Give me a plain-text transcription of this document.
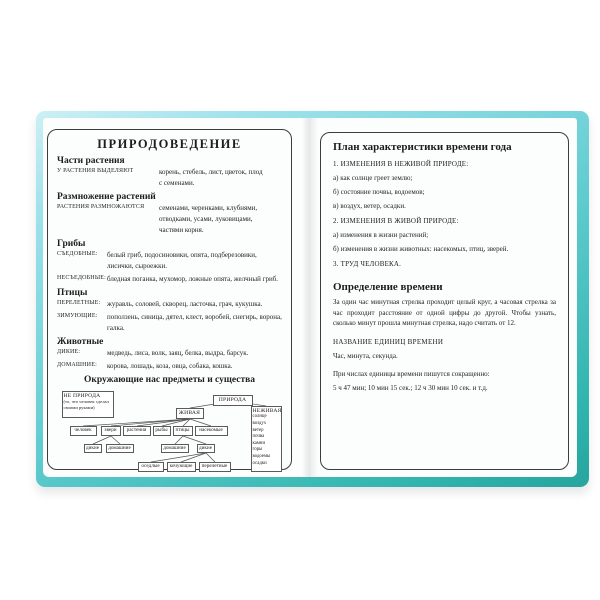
ПРИРОДОВЕДЕНИЕ
Части растения
У РАСТЕНИЯ ВЫДЕЛЯЮТ	корень, стебель, лист, цветок, плод с семенами.
Размножение растений
РАСТЕНИЯ РАЗМНОЖАЮТСЯ	семенами, черенками, клубнями, отводками, усами, луковицами, частями корня.
Грибы
СЪЕДОБНЫЕ:	белый гриб, подосиновики, опята, подберезовики, лисички, сыроежки.
НЕСЪЕДОБНЫЕ: бледная поганка, мухомор, ложные опята, желчный гриб.
Птицы
ПЕРЕЛЕТНЫЕ: журавль, соловей, скворец, ласточка, грач, кукушка.
ЗИМУЮЩИЕ:	поползень, синица, дятел, клест, воробей, снегирь, ворона, галка.
Животные
ДИКИЕ:	медведь, лиса, волк, заяц, белка, выдра, барсук.
ДОМАШНИЕ:	корова, лошадь, коза, овца, собака, кошка.
Окружающие нас предметы и существа
НЕ ПРИРОДА
(то, что человек сделал своими руками)
ПРИРОДА
ЖИВАЯ	НЕЖИВАЯ
солнце
воздух
ветер
почва
камни
горы
водоемы
осадки
человек звери растения рыбы птицы насекомые
дикие домашние	домашние	дикие
оседлые кочующие перелетные
План характеристики времени года
1. ИЗМЕНЕНИЯ В НЕЖИВОЙ ПРИРОДЕ:
а) как солнце греет землю;
б) состояние почвы, водоемов;
в) воздух, ветер, осадки.
2. ИЗМЕНЕНИЯ В ЖИВОЙ ПРИРОДЕ:
а) изменения в жизни растений;
б) изменения в жизни животных: насекомых, птиц, зверей.
3. ТРУД ЧЕЛОВЕКА.
Определение времени

За один час минутная стрелка проходит целый круг, а часовая стрелка за час проходит расстояние от одной цифры до другой. Чтобы узнать, сколько минут прошла минутная стрелка, надо считать от 12.

НАЗВАНИЕ ЕДИНИЦ ВРЕМЕНИ
Час, минута, секунда.
При числах единицы времени пишутся сокращенно:
5 ч 47 мин; 10 мин 15 сек.; 12 ч 30 мин 10 сек. и т.д.
